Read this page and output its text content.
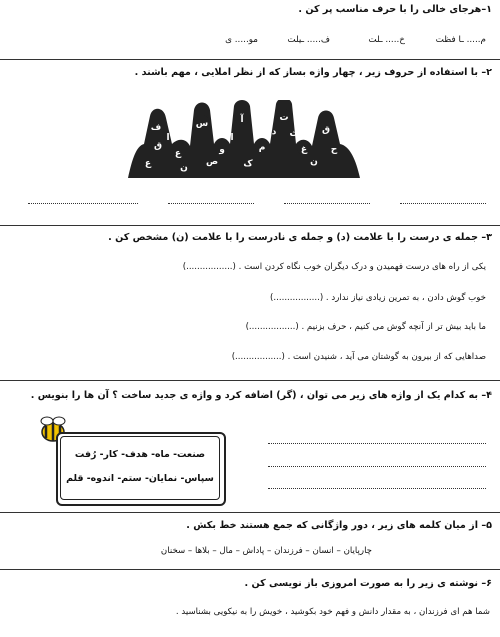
۱–هرجای خالی را با حرف مناسب پر کن .
م..... ـا فظت
خ..... ـلت
ف..... ـیلت
مو..... ی
۲– با استفاده از حروف زیر ، چهار واژه بساز که از نظر املایی ، مهم باشند .
ف
ق
س	آ
و
ا
ع
ن
ت
د
م
ث
غ
ق
ن
ک
ص
ح
ع
ا
۳– جمله ی درست را با علامت (د) و جمله ی نادرست را با علامت (ن) مشخص کن .
یکی از راه های درست فهمیدن و درک دیگران خوب نگاه کردن است . (.................)
خوب گوش دادن ، به تمرین زیادی نیاز ندارد . (.................)
ما باید بیش تر از آنچه گوش می کنیم ، حرف بزنیم . (.................)
صداهایی که از بیرون به گوشتان می آید ، شنیدن است . (.................)
۴– به کدام یک از واژه های زیر می توان ، (گر) اضافه کرد و واژه ی جدید ساخت ؟ آن ها را بنویس .
صنعت- ماه- هدف- کار- رُفت
سپاس- نمایان- ستم- اندوه- قلم
۵– از میان کلمه های زیر ، دور واژگانی که جمع هستند خط بکش .
چارپایان – انسان – فرزندان – پاداش – مال – بلاها – سخنان
۶– نوشته ی زیر را به صورت امروزی باز نویسی کن .
شما هم ای فرزندان ، به مقدار دانش و فهم خود بکوشید ، خویش را به نیکویی بشناسید .
